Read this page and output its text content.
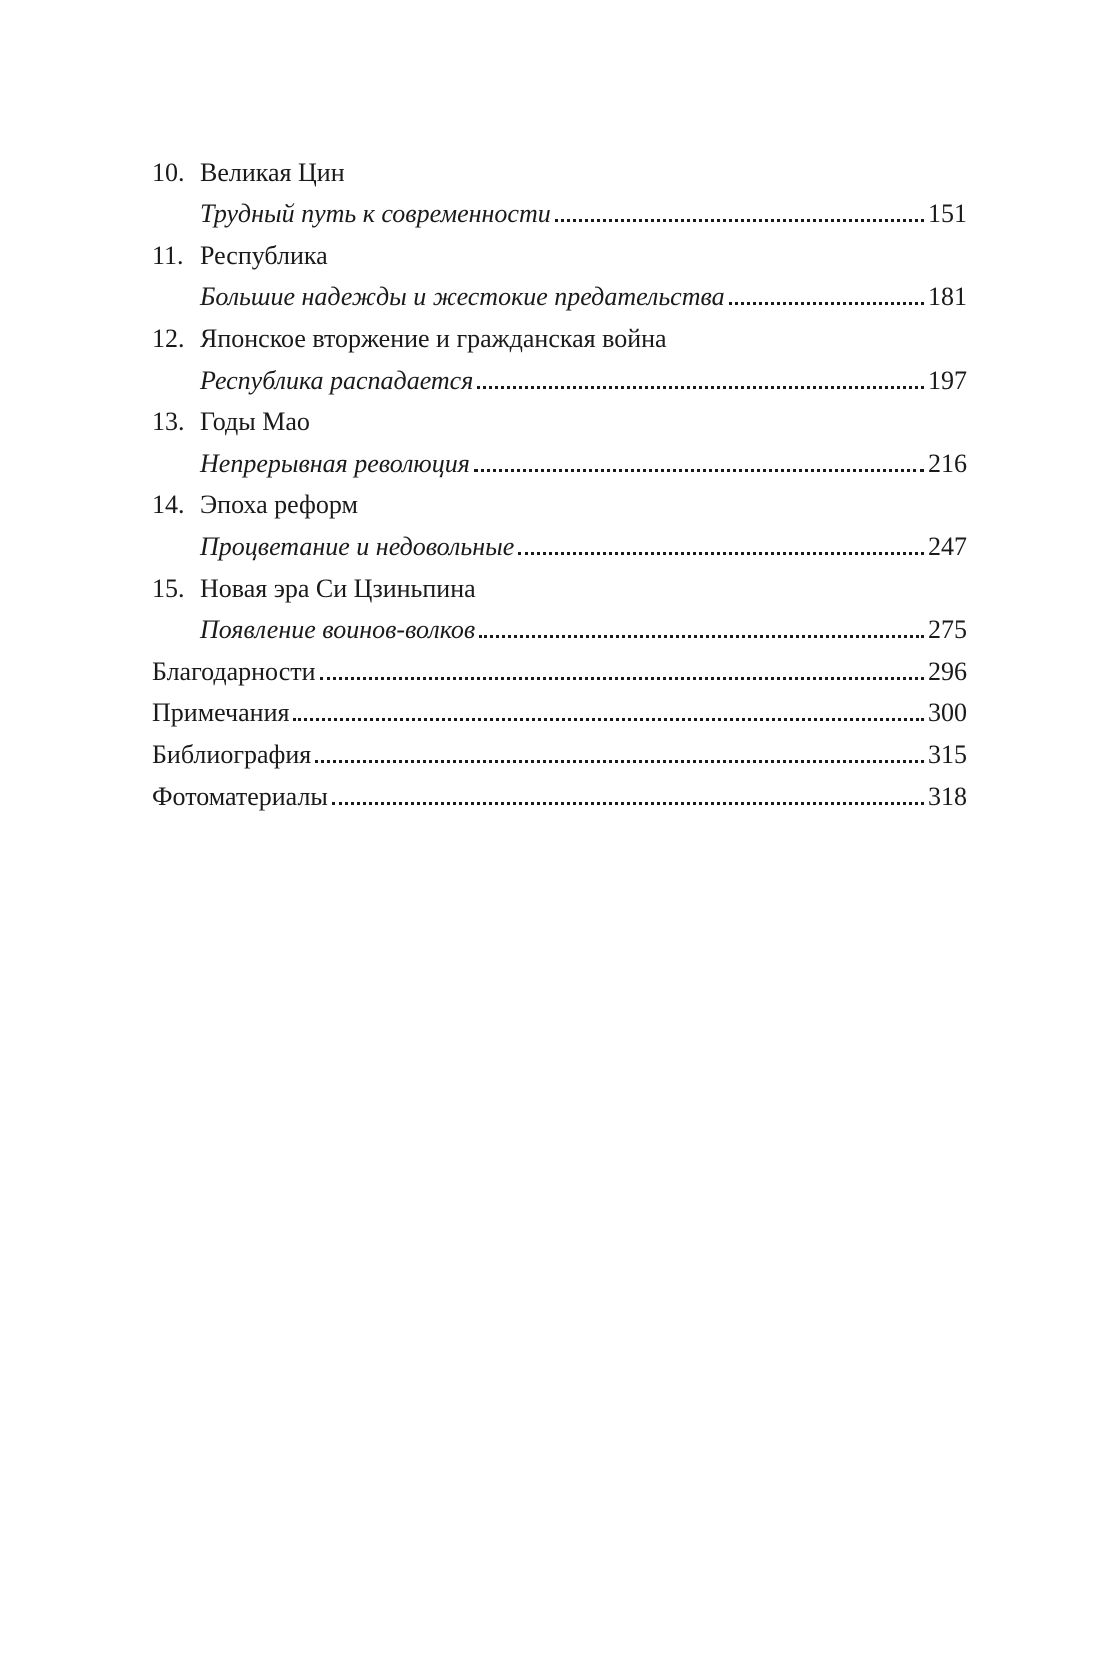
10. Великая Цин
Трудный путь к современности	151
11. Республика
Большие надежды и жестокие предательства	181
12. Японское вторжение и гражданская война
Республика распадается	197
13. Годы Мао
Непрерывная революция	216
14. Эпоха реформ
Процветание и недовольные	247
15. Новая эра Си Цзиньпина
Появление воинов-волков	275
Благодарности	296
Примечания	300
Библиография	315
Фотоматериалы	318
